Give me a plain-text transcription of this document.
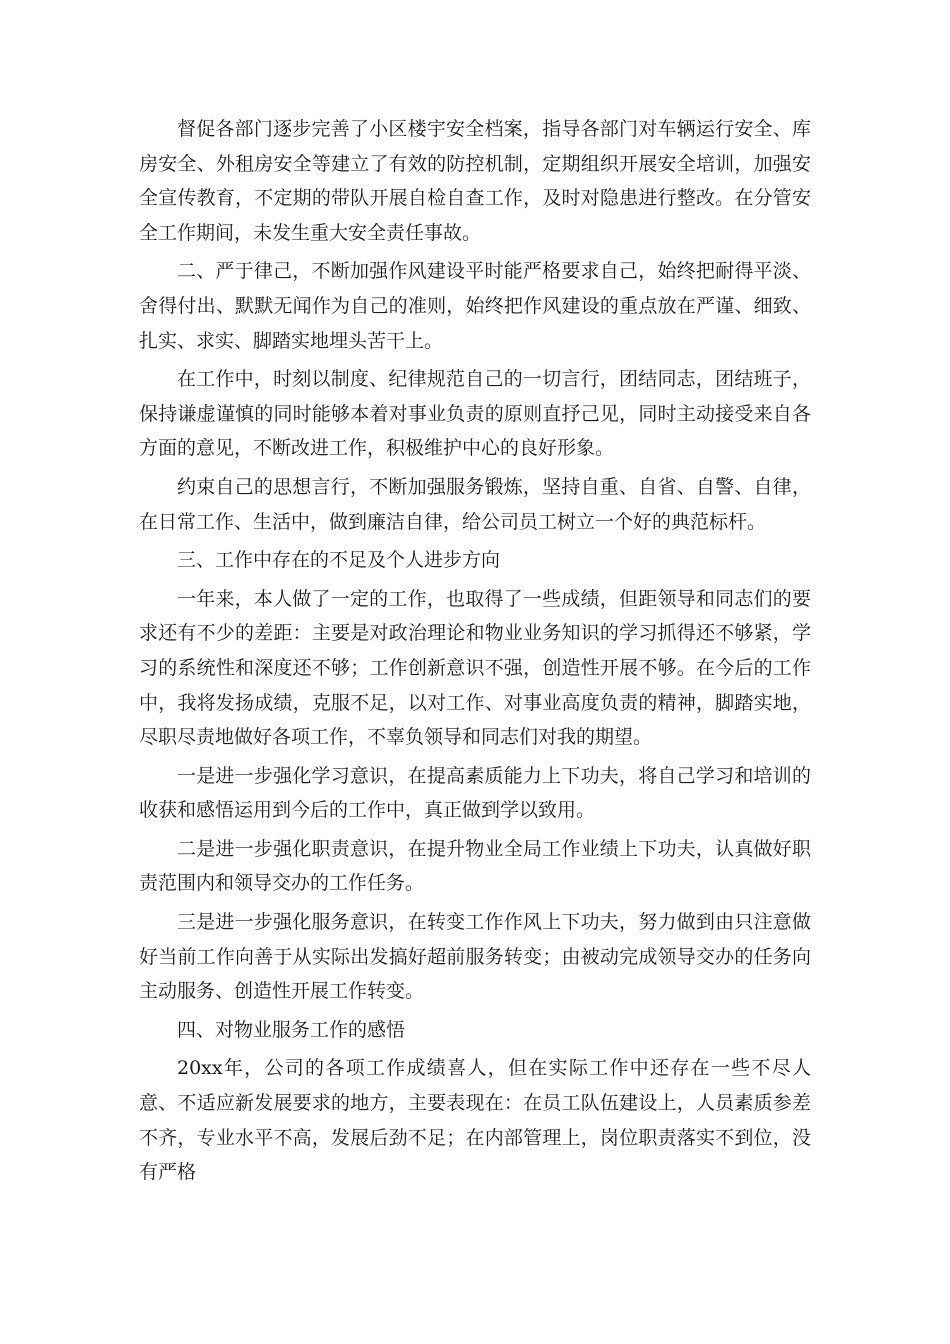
督促各部门逐步完善了小区楼宇安全档案，指导各部门对车辆运行安全、库房安全、外租房安全等建立了有效的防控机制，定期组织开展安全培训，加强安全宣传教育，不定期的带队开展自检自查工作，及时对隐患进行整改。在分管安全工作期间，未发生重大安全责任事故。

二、严于律己，不断加强作风建设平时能严格要求自己，始终把耐得平淡、舍得付出、默默无闻作为自己的准则，始终把作风建设的重点放在严谨、细致、扎实、求实、脚踏实地埋头苦干上。

在工作中，时刻以制度、纪律规范自己的一切言行，团结同志，团结班子，保持谦虚谨慎的同时能够本着对事业负责的原则直抒己见，同时主动接受来自各方面的意见，不断改进工作，积极维护中心的良好形象。

约束自己的思想言行，不断加强服务锻炼，坚持自重、自省、自警、自律，在日常工作、生活中，做到廉洁自律，给公司员工树立一个好的典范标杆。

三、工作中存在的不足及个人进步方向

一年来，本人做了一定的工作，也取得了一些成绩，但距领导和同志们的要求还有不少的差距：主要是对政治理论和物业业务知识的学习抓得还不够紧，学习的系统性和深度还不够；工作创新意识不强，创造性开展不够。在今后的工作中，我将发扬成绩，克服不足，以对工作、对事业高度负责的精神，脚踏实地，尽职尽责地做好各项工作，不辜负领导和同志们对我的期望。

一是进一步强化学习意识，在提高素质能力上下功夫，将自己学习和培训的收获和感悟运用到今后的工作中，真正做到学以致用。

二是进一步强化职责意识，在提升物业全局工作业绩上下功夫，认真做好职责范围内和领导交办的工作任务。

三是进一步强化服务意识，在转变工作作风上下功夫，努力做到由只注意做好当前工作向善于从实际出发搞好超前服务转变；由被动完成领导交办的任务向主动服务、创造性开展工作转变。

四、对物业服务工作的感悟

20xx年，公司的各项工作成绩喜人，但在实际工作中还存在一些不尽人意、不适应新发展要求的地方，主要表现在：在员工队伍建设上，人员素质参差不齐，专业水平不高，发展后劲不足；在内部管理上，岗位职责落实不到位，没有严格
